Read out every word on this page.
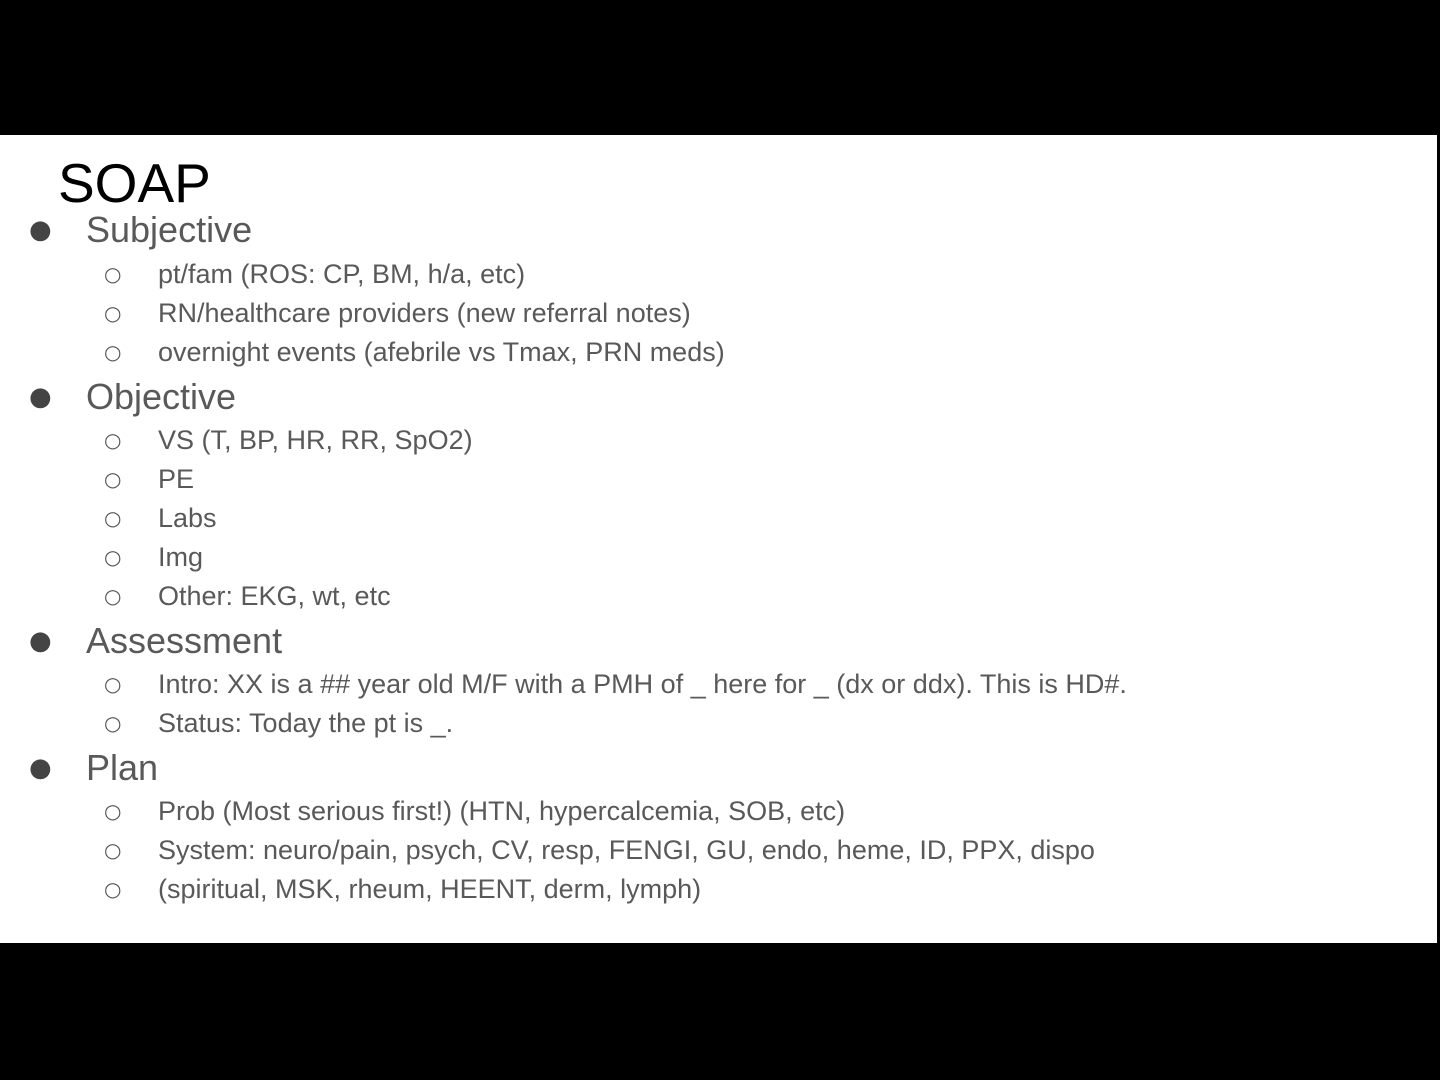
SOAP
● Subjective
○ pt/fam (ROS: CP, BM, h/a, etc)
○ RN/healthcare providers (new referral notes)
○ overnight events (afebrile vs Tmax, PRN meds)
● Objective
○ VS (T, BP, HR, RR, SpO2)
○ PE
○ Labs
○ Img
○ Other: EKG, wt, etc
● Assessment
○ Intro: XX is a ## year old M/F with a PMH of _ here for _ (dx or ddx). This is HD#.
○ Status: Today the pt is _.
● Plan
○ Prob (Most serious first!) (HTN, hypercalcemia, SOB, etc)
○ System: neuro/pain, psych, CV, resp, FENGI, GU, endo, heme, ID, PPX, dispo
○ (spiritual, MSK, rheum, HEENT, derm, lymph)
